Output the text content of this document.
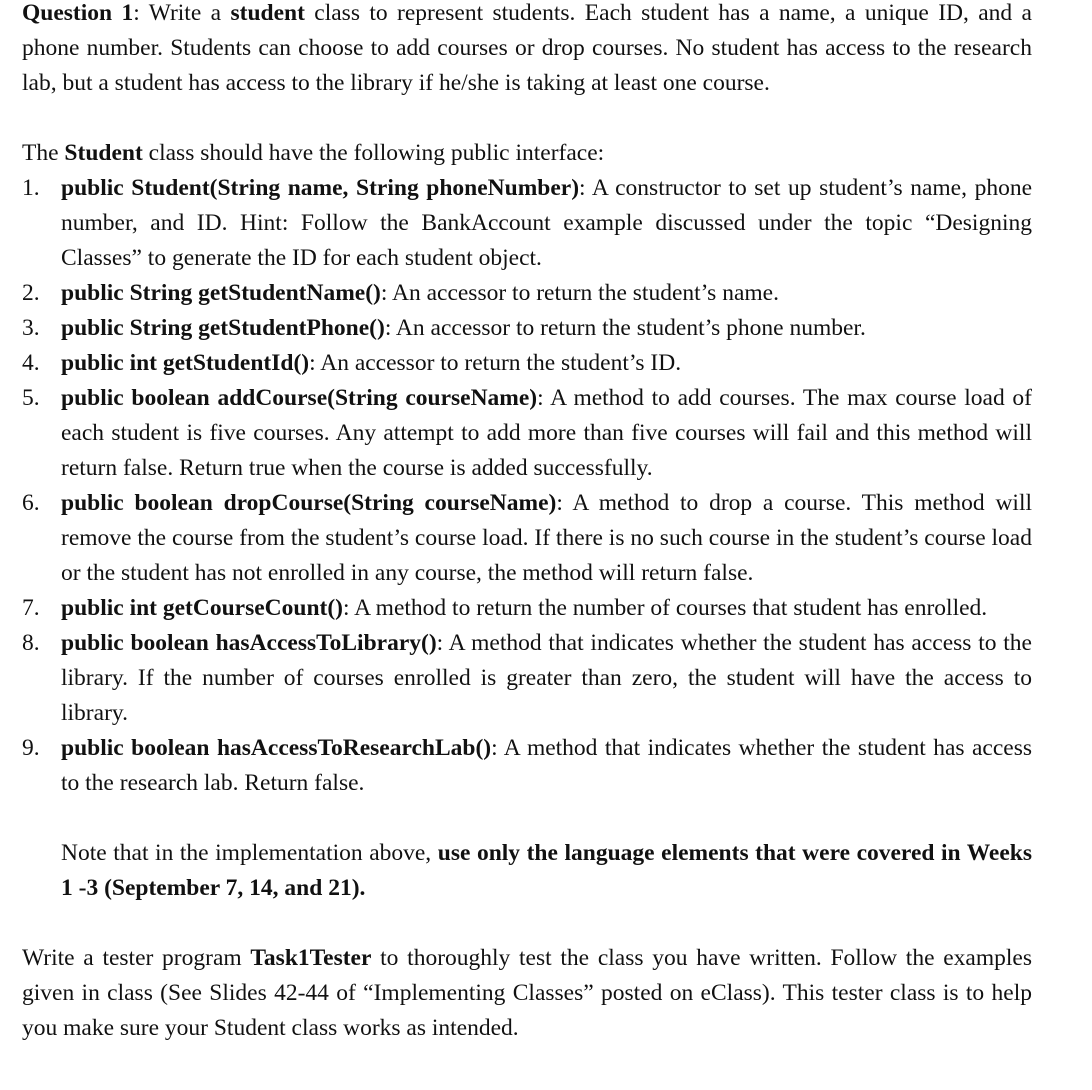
Question 1: Write a student class to represent students. Each student has a name, a unique ID, and a phone number. Students can choose to add courses or drop courses. No student has access to the research lab, but a student has access to the library if he/she is taking at least one course.

The Student class should have the following public interface:

1. public Student(String name, String phoneNumber): A constructor to set up student’s name, phone number, and ID. Hint: Follow the BankAccount example discussed under the topic “Designing Classes” to generate the ID for each student object.
2. public String getStudentName(): An accessor to return the student’s name.
3. public String getStudentPhone(): An accessor to return the student’s phone number.
4. public int getStudentId(): An accessor to return the student’s ID.
5. public boolean addCourse(String courseName): A method to add courses. The max course load of each student is five courses. Any attempt to add more than five courses will fail and this method will return false. Return true when the course is added successfully.
6. public boolean dropCourse(String courseName): A method to drop a course. This method will remove the course from the student’s course load. If there is no such course in the student’s course load or the student has not enrolled in any course, the method will return false.
7. public int getCourseCount(): A method to return the number of courses that student has enrolled.
8. public boolean hasAccessToLibrary(): A method that indicates whether the student has access to the library. If the number of courses enrolled is greater than zero, the student will have the access to library.
9. public boolean hasAccessToResearchLab(): A method that indicates whether the student has access to the research lab. Return false.

Note that in the implementation above, use only the language elements that were covered in Weeks 1 -3 (September 7, 14, and 21).

Write a tester program Task1Tester to thoroughly test the class you have written. Follow the examples given in class (See Slides 42-44 of “Implementing Classes” posted on eClass). This tester class is to help you make sure your Student class works as intended.
